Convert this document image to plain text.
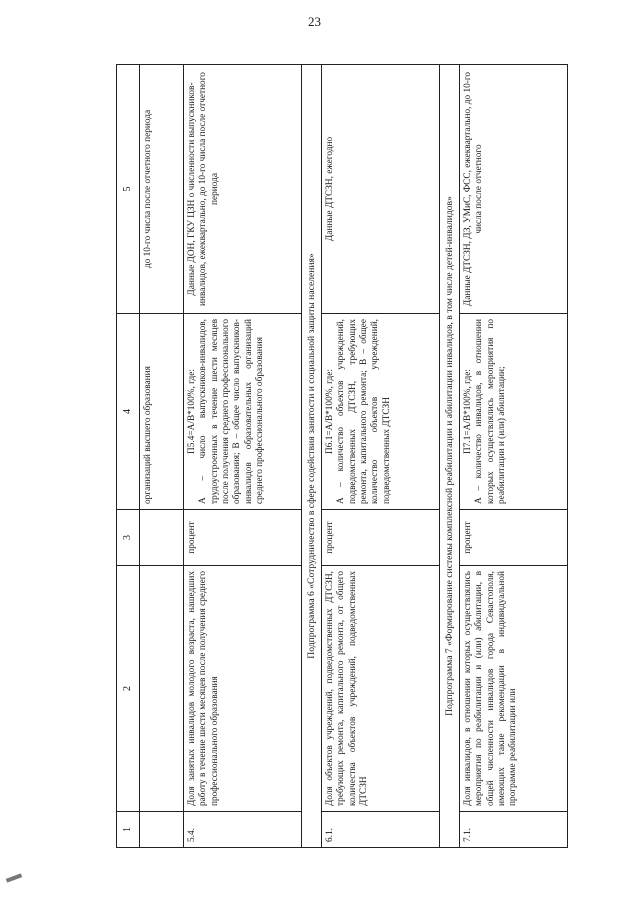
23
1	2	3	4	5
			организаций высшего образования	до 10-го числа после отчетного периода
5.4.	Доля занятых инвалидов молодого возраста, нашедших работу в течение шести месяцев после получения среднего профессионального образования	процент	П5.4=A/B*100%, где: A – число выпускников-инвалидов, трудоустроенных в течение шести месяцев после получения среднего профессионального образования; B – общее число выпускников-инвалидов образовательных организаций среднего профессионального образования	Данные ДОН, ГКУ ЦЗН о численности выпускников-инвалидов, ежеквартально, до 10-го числа после отчетного периода
Подпрограмма 6 «Сотрудничество в сфере содействия занятости и социальной защиты населения»				
6.1.	Доля объектов учреждений, подведомственных ДТСЗН, требующих ремонта, капитального ремонта, от общего количества объектов учреждений, подведомственных ДТСЗН	процент	П6.1=A/B*100%, где: A – количество объектов учреждений, подведомственных ДТСЗН, требующих ремонта, капитального ремонта; B – общее количество объектов учреждений, подведомственных ДТСЗН	Данные ДТСЗН, ежегодно
Подпрограмма 7 «Формирование системы комплексной реабилитации и абилитации инвалидов, в том числе детей-инвалидов»				
7.1.	Доля инвалидов, в отношении которых осуществлялись мероприятия по реабилитации и (или) абилитации, в общей численности инвалидов города Севастополя, имеющих такие рекомендации в индивидуальной программе реабилитации или	процент	П7.1=A/B*100%, где: A – количество инвалидов, в отношении которых осуществлялись мероприятия по реабилитации и (или) абилитации;	Данные ДТСЗН, ДЗ, УМиС, ФСС, ежеквартально, до 10-го числа после отчетного
